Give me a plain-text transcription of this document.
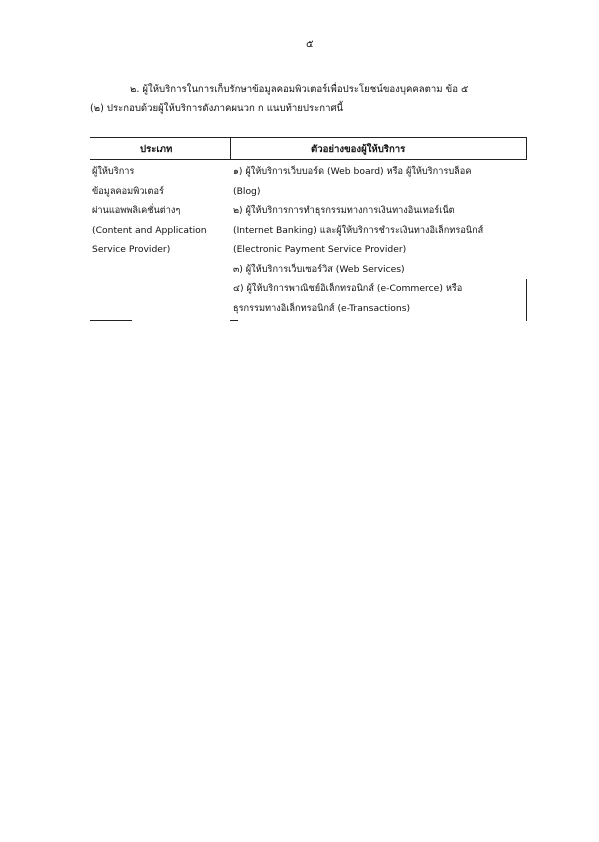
๕
๒. ผู้ให้บริการในการเก็บรักษาข้อมูลคอมพิวเตอร์เพื่อประโยชน์ของบุคคลตาม ข้อ ๕
(๒) ประกอบด้วยผู้ให้บริการดังภาคผนวก ก แนบท้ายประกาศนี้
ประเภท	ตัวอย่างของผู้ให้บริการ
ผู้ให้บริการ
ข้อมูลคอมพิวเตอร์
ผ่านแอพพลิเคชั่นต่างๆ
(Content and Application
Service Provider)
๑) ผู้ให้บริการเว็บบอร์ด (Web board) หรือ ผู้ให้บริการบล็อค
(Blog)
๒) ผู้ให้บริการการทำธุรกรรมทางการเงินทางอินเทอร์เน็ต
(Internet Banking) และผู้ให้บริการชำระเงินทางอิเล็กทรอนิกส์
(Electronic Payment Service Provider)
๓) ผู้ให้บริการเว็บเซอร์วิส (Web Services)
๔) ผู้ให้บริการพาณิชย์อิเล็กทรอนิกส์ (e-Commerce) หรือ
ธุรกรรมทางอิเล็กทรอนิกส์ (e-Transactions)
